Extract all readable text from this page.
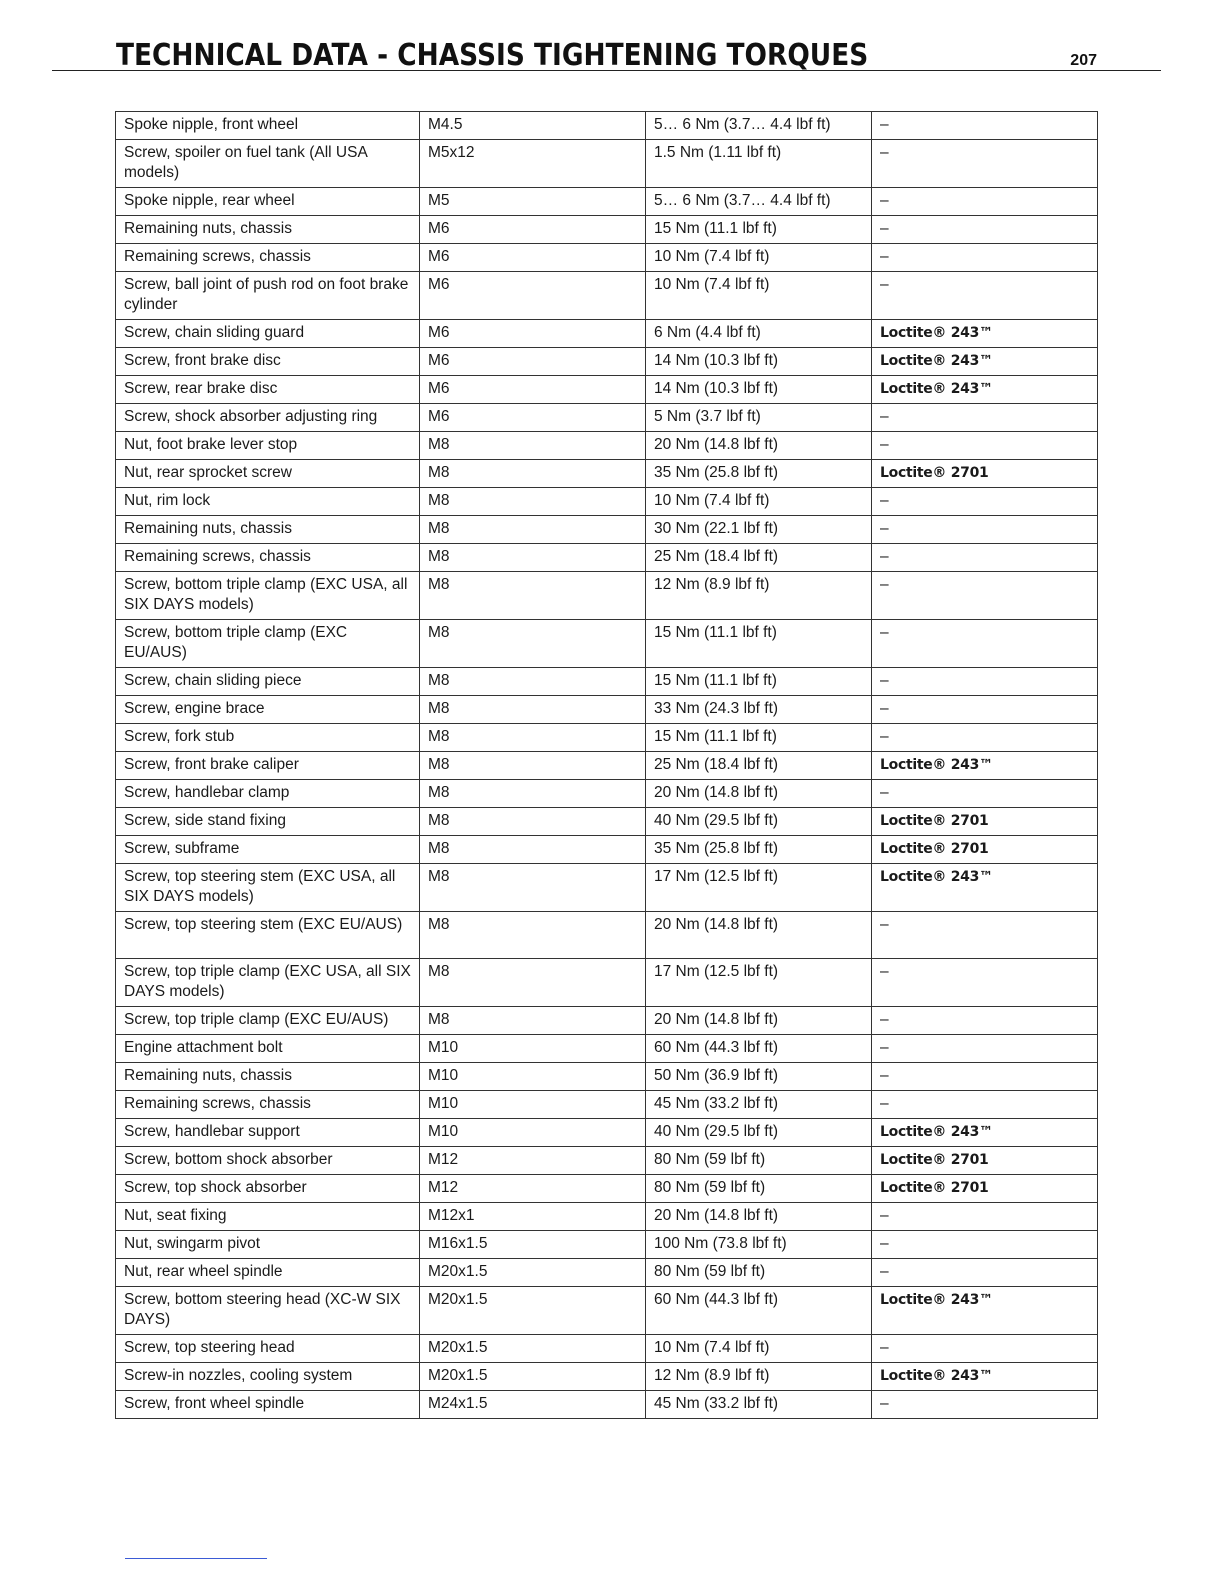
TECHNICAL DATA - CHASSIS TIGHTENING TORQUES	207
Spoke nipple, front wheel	M4.5	5… 6 Nm (3.7… 4.4 lbf ft)	–
Screw, spoiler on fuel tank (All USA models)	M5x12	1.5 Nm (1.11 lbf ft)	–
Spoke nipple, rear wheel	M5	5… 6 Nm (3.7… 4.4 lbf ft)	–
Remaining nuts, chassis	M6	15 Nm (11.1 lbf ft)	–
Remaining screws, chassis	M6	10 Nm (7.4 lbf ft)	–
Screw, ball joint of push rod on foot brake cylinder	M6	10 Nm (7.4 lbf ft)	–
Screw, chain sliding guard	M6	6 Nm (4.4 lbf ft)	Loctite® 243™
Screw, front brake disc	M6	14 Nm (10.3 lbf ft)	Loctite® 243™
Screw, rear brake disc	M6	14 Nm (10.3 lbf ft)	Loctite® 243™
Screw, shock absorber adjusting ring	M6	5 Nm (3.7 lbf ft)	–
Nut, foot brake lever stop	M8	20 Nm (14.8 lbf ft)	–
Nut, rear sprocket screw	M8	35 Nm (25.8 lbf ft)	Loctite® 2701
Nut, rim lock	M8	10 Nm (7.4 lbf ft)	–
Remaining nuts, chassis	M8	30 Nm (22.1 lbf ft)	–
Remaining screws, chassis	M8	25 Nm (18.4 lbf ft)	–
Screw, bottom triple clamp (EXC USA, all SIX DAYS models)	M8	12 Nm (8.9 lbf ft)	–
Screw, bottom triple clamp (EXC EU/AUS)	M8	15 Nm (11.1 lbf ft)	–
Screw, chain sliding piece	M8	15 Nm (11.1 lbf ft)	–
Screw, engine brace	M8	33 Nm (24.3 lbf ft)	–
Screw, fork stub	M8	15 Nm (11.1 lbf ft)	–
Screw, front brake caliper	M8	25 Nm (18.4 lbf ft)	Loctite® 243™
Screw, handlebar clamp	M8	20 Nm (14.8 lbf ft)	–
Screw, side stand fixing	M8	40 Nm (29.5 lbf ft)	Loctite® 2701
Screw, subframe	M8	35 Nm (25.8 lbf ft)	Loctite® 2701
Screw, top steering stem (EXC USA, all SIX DAYS models)	M8	17 Nm (12.5 lbf ft)	Loctite® 243™
Screw, top steering stem (EXC EU/AUS)	M8	20 Nm (14.8 lbf ft)	–
Screw, top triple clamp (EXC USA, all SIX DAYS models)	M8	17 Nm (12.5 lbf ft)	–
Screw, top triple clamp (EXC EU/AUS)	M8	20 Nm (14.8 lbf ft)	–
Engine attachment bolt	M10	60 Nm (44.3 lbf ft)	–
Remaining nuts, chassis	M10	50 Nm (36.9 lbf ft)	–
Remaining screws, chassis	M10	45 Nm (33.2 lbf ft)	–
Screw, handlebar support	M10	40 Nm (29.5 lbf ft)	Loctite® 243™
Screw, bottom shock absorber	M12	80 Nm (59 lbf ft)	Loctite® 2701
Screw, top shock absorber	M12	80 Nm (59 lbf ft)	Loctite® 2701
Nut, seat fixing	M12x1	20 Nm (14.8 lbf ft)	–
Nut, swingarm pivot	M16x1.5	100 Nm (73.8 lbf ft)	–
Nut, rear wheel spindle	M20x1.5	80 Nm (59 lbf ft)	–
Screw, bottom steering head (XC-W SIX DAYS)	M20x1.5	60 Nm (44.3 lbf ft)	Loctite® 243™
Screw, top steering head	M20x1.5	10 Nm (7.4 lbf ft)	–
Screw-in nozzles, cooling system	M20x1.5	12 Nm (8.9 lbf ft)	Loctite® 243™
Screw, front wheel spindle	M24x1.5	45 Nm (33.2 lbf ft)	–
